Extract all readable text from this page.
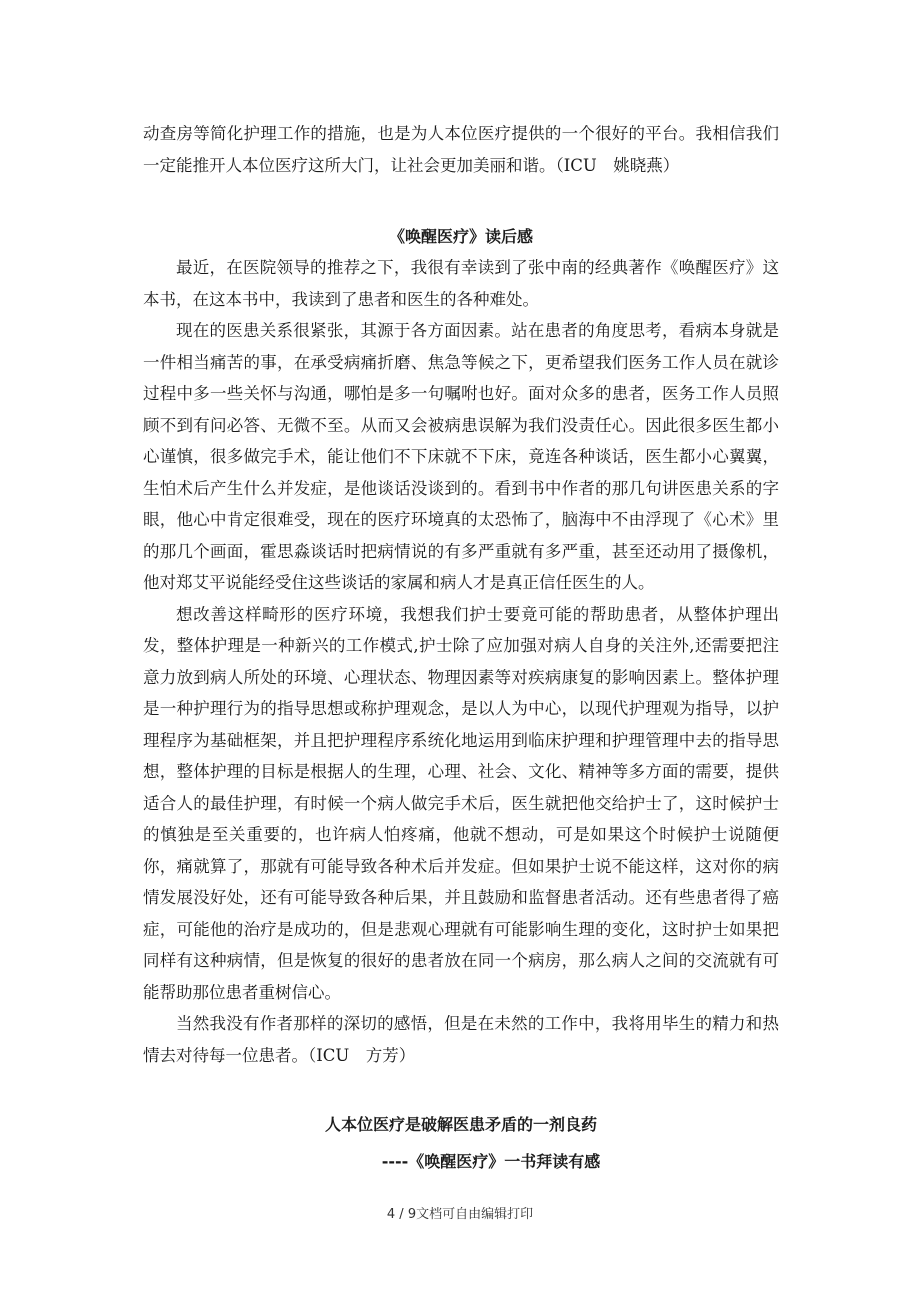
动查房等简化护理工作的措施，也是为人本位医疗提供的一个很好的平台。我相信我们一定能推开人本位医疗这所大门，让社会更加美丽和谐。（ICU　姚晓燕）

《唤醒医疗》读后感

最近，在医院领导的推荐之下，我很有幸读到了张中南的经典著作《唤醒医疗》这本书，在这本书中，我读到了患者和医生的各种难处。

现在的医患关系很紧张，其源于各方面因素。站在患者的角度思考，看病本身就是一件相当痛苦的事，在承受病痛折磨、焦急等候之下，更希望我们医务工作人员在就诊过程中多一些关怀与沟通，哪怕是多一句嘱咐也好。面对众多的患者，医务工作人员照顾不到有问必答、无微不至。从而又会被病患误解为我们没责任心。因此很多医生都小心谨慎，很多做完手术，能让他们不下床就不下床，竟连各种谈话，医生都小心翼翼，生怕术后产生什么并发症，是他谈话没谈到的。看到书中作者的那几句讲医患关系的字眼，他心中肯定很难受，现在的医疗环境真的太恐怖了，脑海中不由浮现了《心术》里的那几个画面，霍思淼谈话时把病情说的有多严重就有多严重，甚至还动用了摄像机，他对郑艾平说能经受住这些谈话的家属和病人才是真正信任医生的人。

想改善这样畸形的医疗环境，我想我们护士要竟可能的帮助患者，从整体护理出发，整体护理是一种新兴的工作模式,护士除了应加强对病人自身的关注外,还需要把注意力放到病人所处的环境、心理状态、物理因素等对疾病康复的影响因素上。整体护理是一种护理行为的指导思想或称护理观念，是以人为中心，以现代护理观为指导，以护理程序为基础框架，并且把护理程序系统化地运用到临床护理和护理管理中去的指导思想，整体护理的目标是根据人的生理，心理、社会、文化、精神等多方面的需要，提供适合人的最佳护理，有时候一个病人做完手术后，医生就把他交给护士了，这时候护士的慎独是至关重要的，也许病人怕疼痛，他就不想动，可是如果这个时候护士说随便你，痛就算了，那就有可能导致各种术后并发症。但如果护士说不能这样，这对你的病情发展没好处，还有可能导致各种后果，并且鼓励和监督患者活动。还有些患者得了癌症，可能他的治疗是成功的，但是悲观心理就有可能影响生理的变化，这时护士如果把同样有这种病情，但是恢复的很好的患者放在同一个病房，那么病人之间的交流就有可能帮助那位患者重树信心。

当然我没有作者那样的深切的感悟，但是在未然的工作中，我将用毕生的精力和热情去对待每一位患者。（ICU　方芳）

人本位医疗是破解医患矛盾的一剂良药

----《唤醒医疗》一书拜读有感

4 / 9文档可自由编辑打印
